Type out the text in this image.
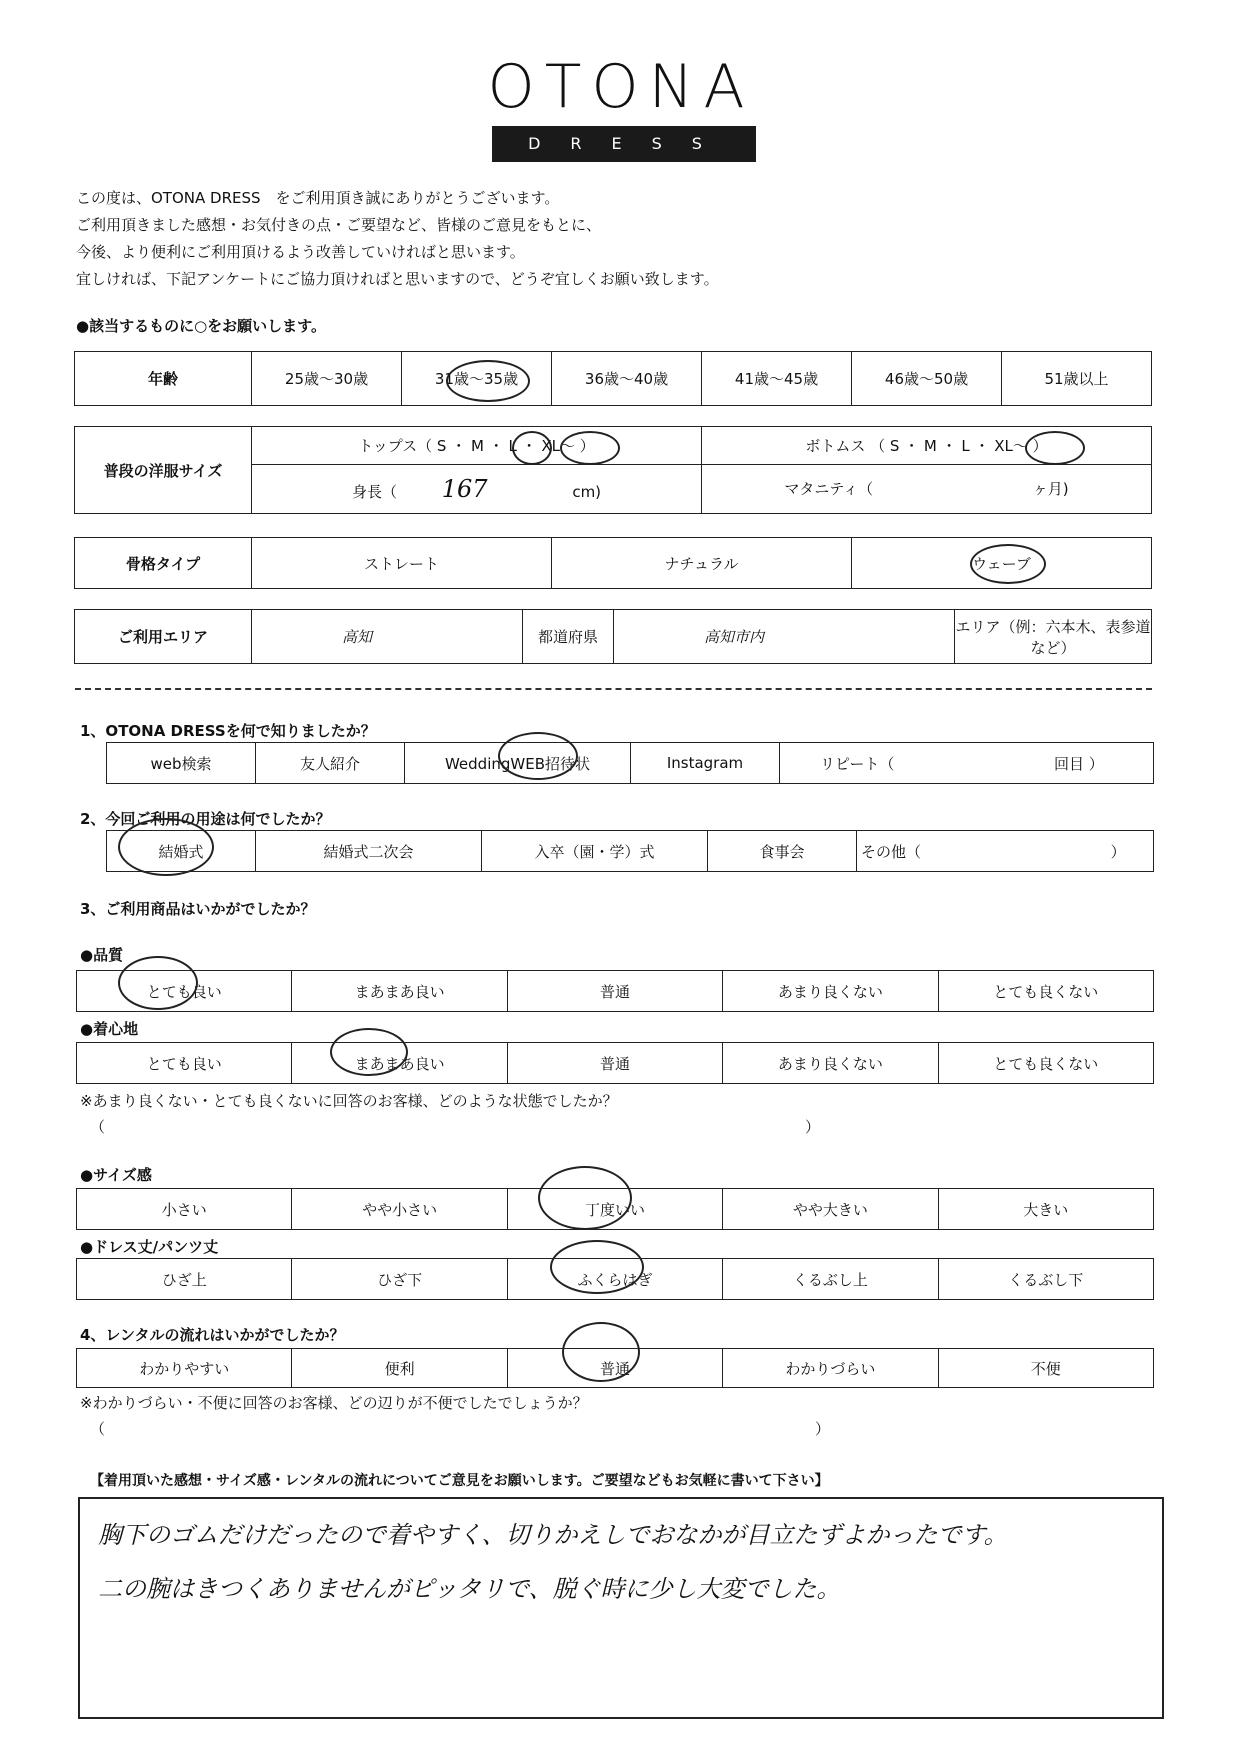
OTONA
DRESS
この度は、OTONA DRESS　をご利用頂き誠にありがとうございます。
ご利用頂きました感想・お気付きの点・ご要望など、皆様のご意見をもとに、
今後、より便利にご利用頂けるよう改善していければと思います。
宜しければ、下記アンケートにご協力頂ければと思いますので、どうぞ宜しくお願い致します。
●該当するものに○をお願いします。
年齢	25歳〜30歳	31歳〜35歳	36歳〜40歳	41歳〜45歳	46歳〜50歳	51歳以上
普段の洋服サイズ	トップス（ S ・ M ・ L ・ XL〜 ）	ボトムス （ S ・ M ・ L ・ XL〜 ）
	身長（ 167 cm)	マタニティ（ ヶ月)
骨格タイプ	ストレート	ナチュラル	ウェーブ
ご利用エリア	高知	都道府県	高知市内	エリア（例：六本木、表参道など）
1、OTONA DRESSを何で知りましたか？
web検索	友人紹介	WeddingWEB招待状	Instagram	リピート（	回目 ）
2、今回ご利用の用途は何でしたか？
結婚式	結婚式二次会	入卒（園・学）式	食事会	その他（	）
3、ご利用商品はいかがでしたか？
●品質
とても良い	まあまあ良い	普通	あまり良くない	とても良くない
●着心地
とても良い	まあまあ良い	普通	あまり良くない	とても良くない
※あまり良くない・とても良くないに回答のお客様、どのような状態でしたか？
（	）
●サイズ感
小さい	やや小さい	丁度いい	やや大きい	大きい
●ドレス丈/パンツ丈
ひざ上	ひざ下	ふくらはぎ	くるぶし上	くるぶし下
4、レンタルの流れはいかがでしたか？
わかりやすい	便利	普通	わかりづらい	不便
※わかりづらい・不便に回答のお客様、どの辺りが不便でしたでしょうか？
（	）
【着用頂いた感想・サイズ感・レンタルの流れについてご意見をお願いします。ご要望などもお気軽に書いて下さい】
胸下のゴムだけだったので着やすく、切りかえしでおなかが目立たずよかったです。
二の腕はきつくありませんがピッタリで、脱ぐ時に少し大変でした。
